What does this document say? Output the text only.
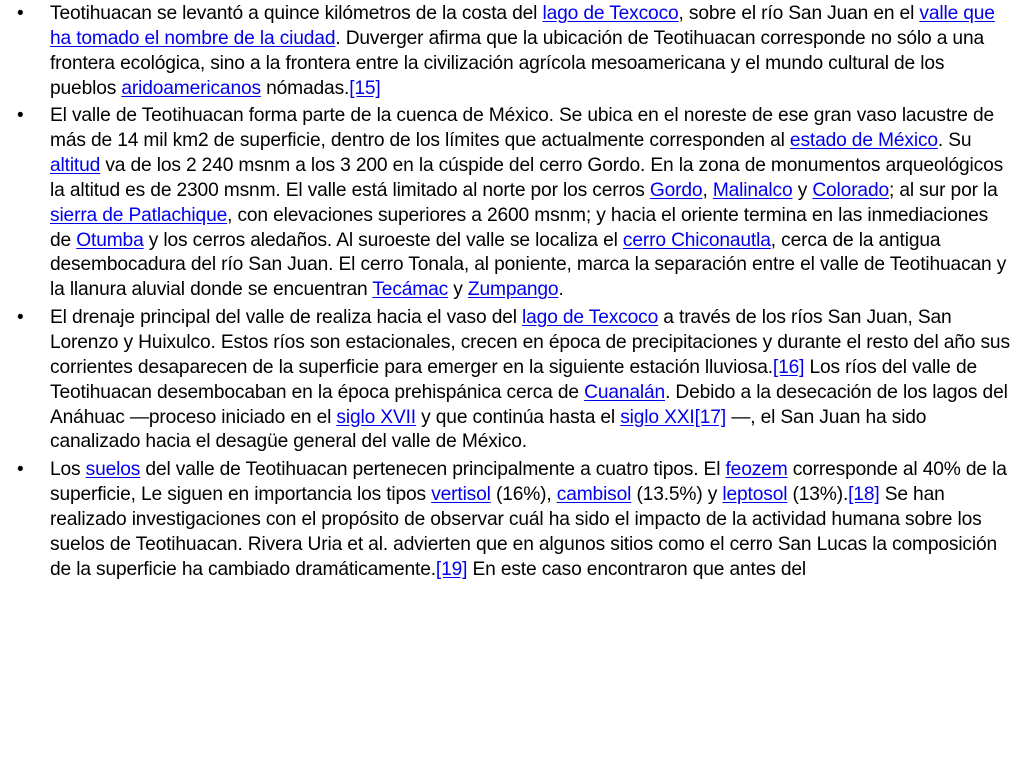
• Teotihuacan se levantó a quince kilómetros de la costa del lago de Texcoco, sobre el río San Juan en el valle que ha tomado el nombre de la ciudad. Duverger afirma que la ubicación de Teotihuacan corresponde no sólo a una frontera ecológica, sino a la frontera entre la civilización agrícola mesoamericana y el mundo cultural de los pueblos aridoamericanos nómadas.[15]
• El valle de Teotihuacan forma parte de la cuenca de México. Se ubica en el noreste de ese gran vaso lacustre de más de 14 mil km2 de superficie, dentro de los límites que actualmente corresponden al estado de México. Su altitud va de los 2 240 msnm a los 3 200 en la cúspide del cerro Gordo. En la zona de monumentos arqueológicos la altitud es de 2300 msnm. El valle está limitado al norte por los cerros Gordo, Malinalco y Colorado; al sur por la sierra de Patlachique, con elevaciones superiores a 2600 msnm; y hacia el oriente termina en las inmediaciones de Otumba y los cerros aledaños. Al suroeste del valle se localiza el cerro Chiconautla, cerca de la antigua desembocadura del río San Juan. El cerro Tonala, al poniente, marca la separación entre el valle de Teotihuacan y la llanura aluvial donde se encuentran Tecámac y Zumpango.
• El drenaje principal del valle de realiza hacia el vaso del lago de Texcoco a través de los ríos San Juan, San Lorenzo y Huixulco. Estos ríos son estacionales, crecen en época de precipitaciones y durante el resto del año sus corrientes desaparecen de la superficie para emerger en la siguiente estación lluviosa.[16] Los ríos del valle de Teotihuacan desembocaban en la época prehispánica cerca de Cuanalán. Debido a la desecación de los lagos del Anáhuac —proceso iniciado en el siglo XVII y que continúa hasta el siglo XXI[17] —, el San Juan ha sido canalizado hacia el desagüe general del valle de México.
• Los suelos del valle de Teotihuacan pertenecen principalmente a cuatro tipos. El feozem corresponde al 40% de la superficie, Le siguen en importancia los tipos vertisol (16%), cambisol (13.5%) y leptosol (13%).[18] Se han realizado investigaciones con el propósito de observar cuál ha sido el impacto de la actividad humana sobre los suelos de Teotihuacan. Rivera Uria et al. advierten que en algunos sitios como el cerro San Lucas la composición de la superficie ha cambiado dramáticamente.[19] En este caso encontraron que antes del
